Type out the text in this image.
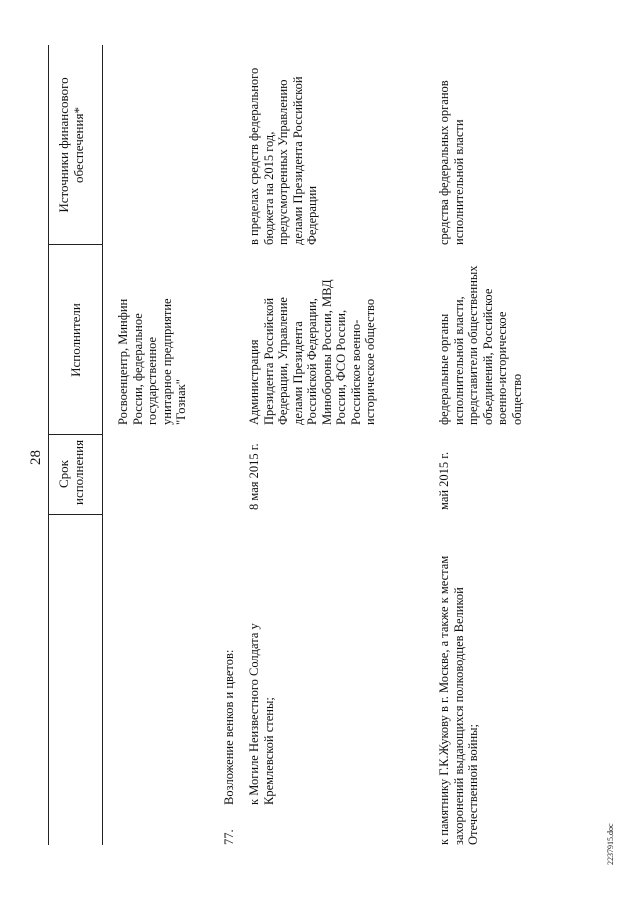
28
Срок исполнения
Исполнители
Источники финансового обеспечения*
Росвоенцентр, Минфин России, федеральное государственное унитарное предприятие "Гознак"
77.
Возложение венков и цветов: к Могиле Неизвестного Солдата у Кремлевской стены;
8 мая 2015 г.
Администрация Президента Российской Федерации, Управление делами Президента Российской Федерации, Минобороны России, МВД России, ФСО России, Российское военно-историческое общество
в пределах средств федерального бюджета на 2015 год, предусмотренных Управлению делами Президента Российской Федерации
к памятнику Г.К.Жукову в г. Москве, а также к местам захоронений выдающихся полководцев Великой Отечественной войны;
май 2015 г.
федеральные органы исполнительной власти, представители общественных объединений, Российское военно-историческое общество
средства федеральных органов исполнительной власти
2237915.doc
